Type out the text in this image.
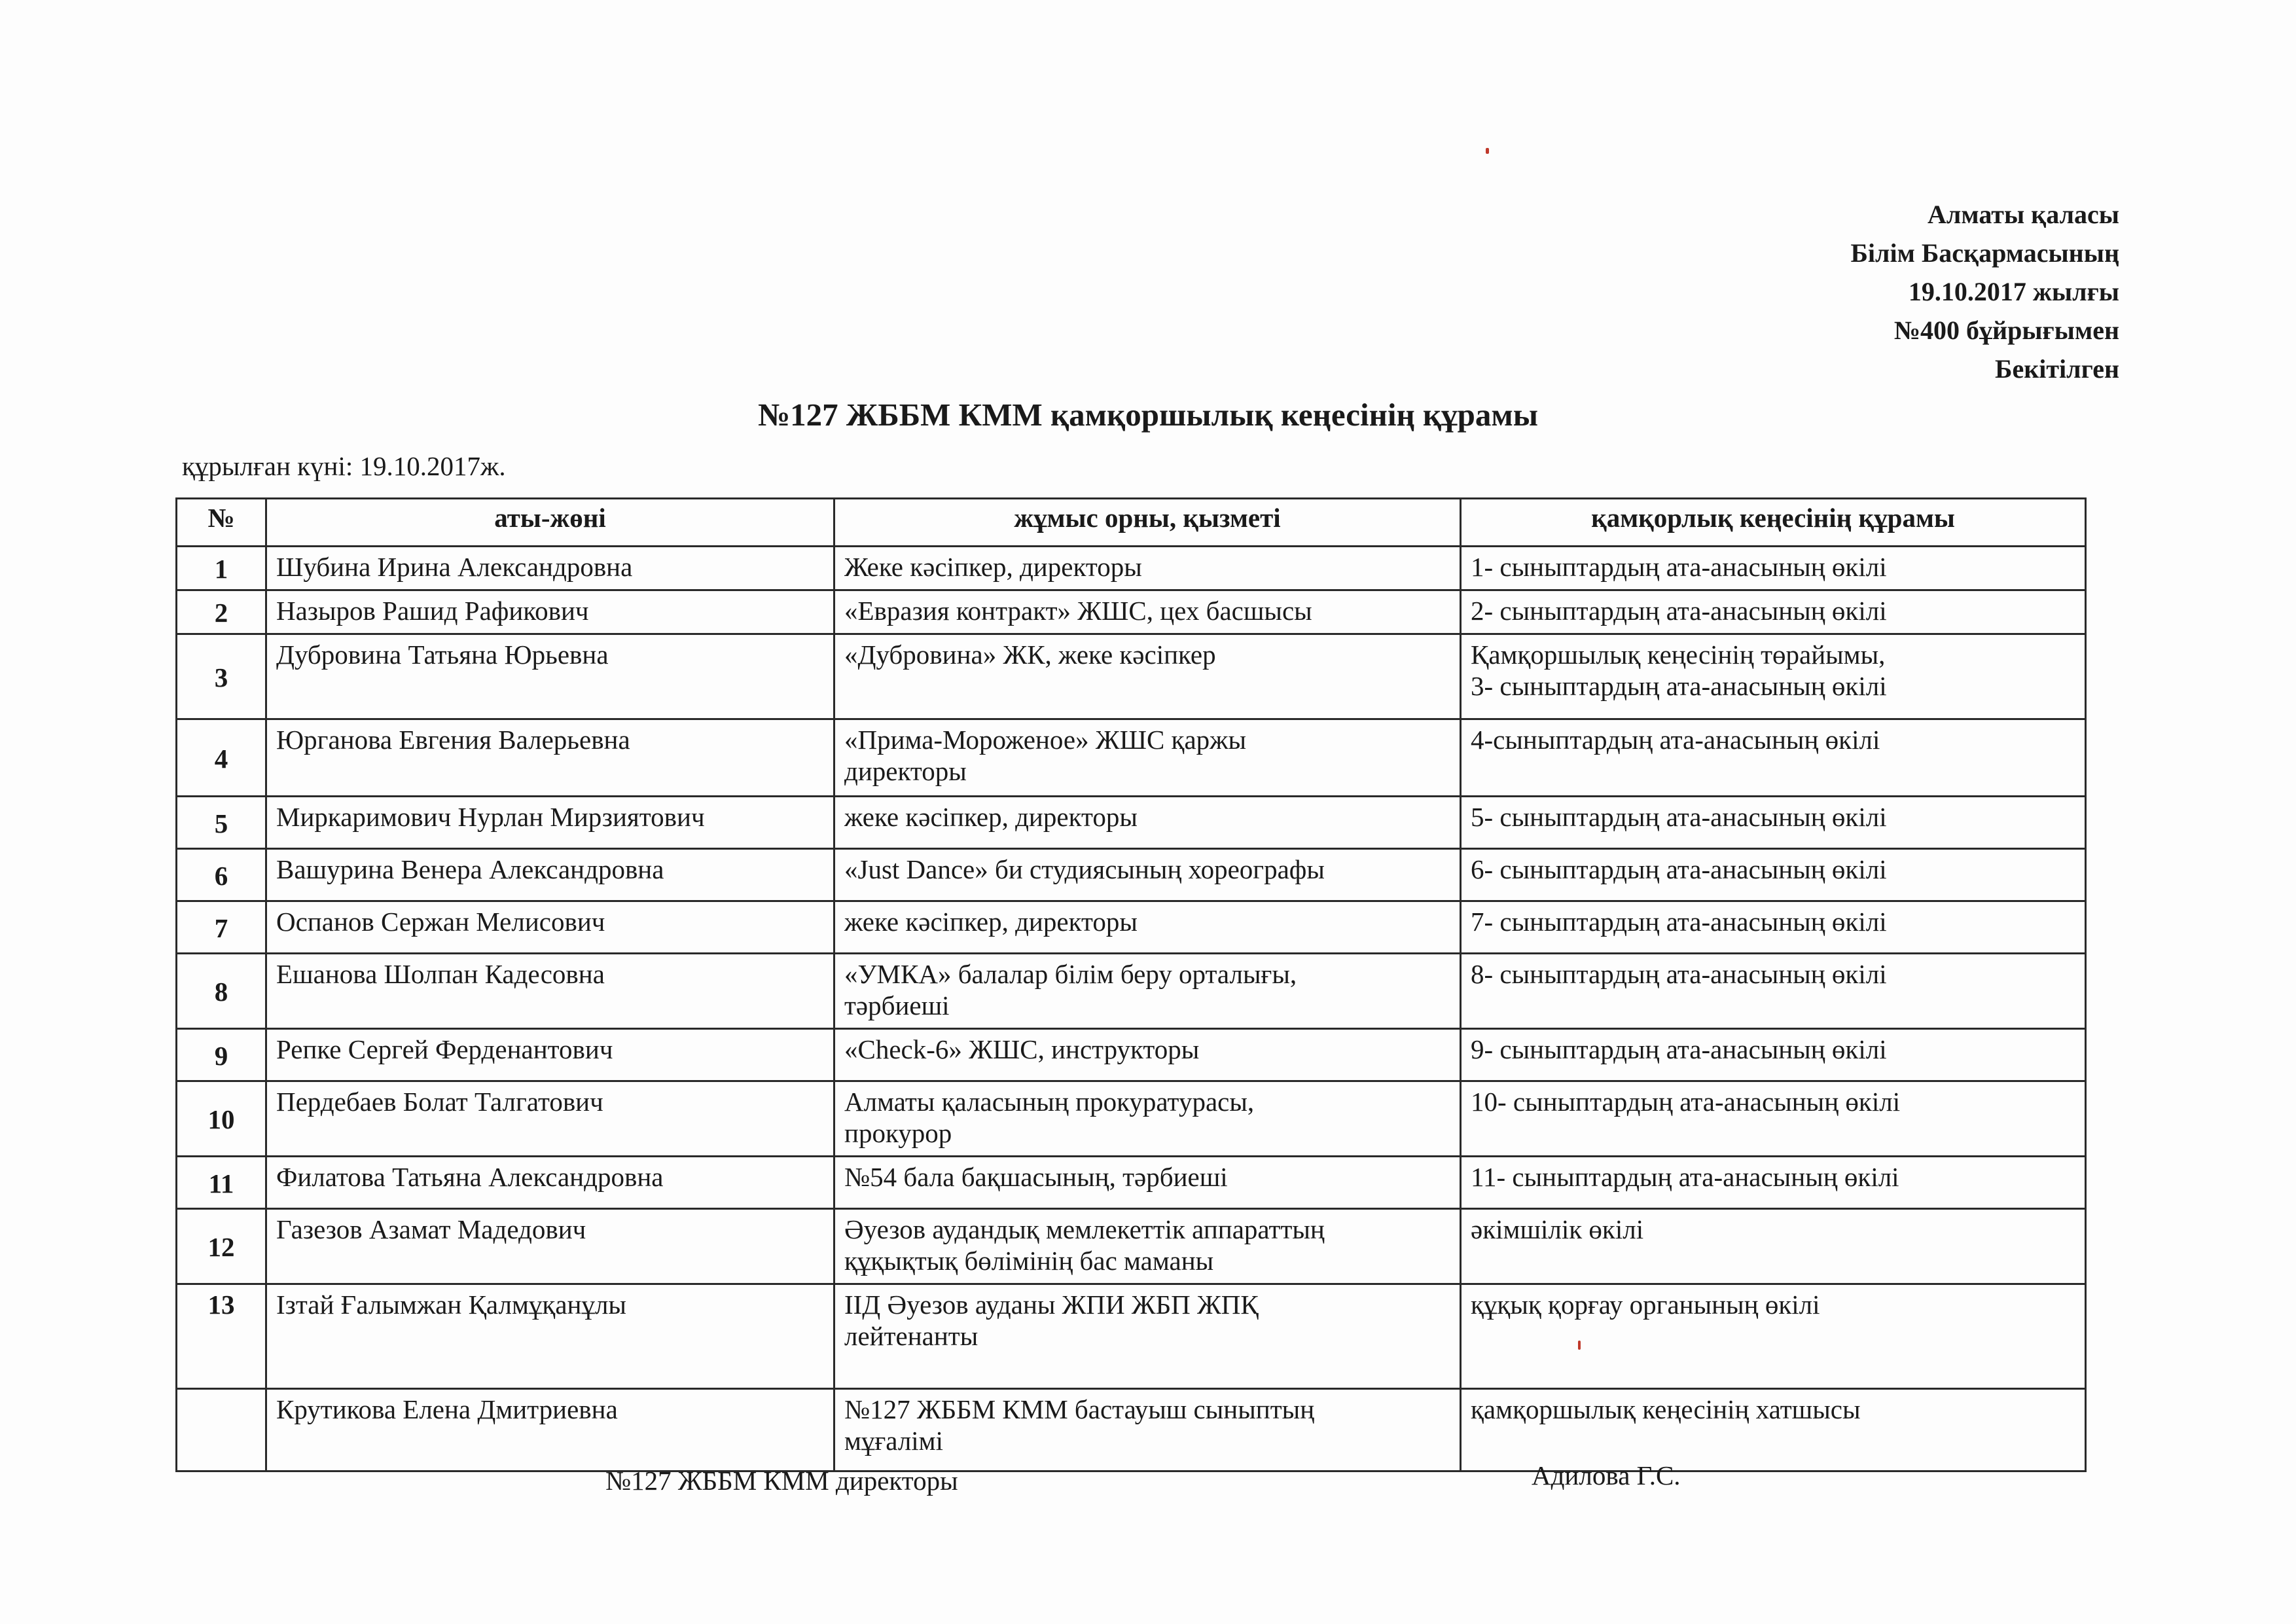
Алматы қаласы
Білім Басқармасының
19.10.2017 жылғы
№400 бұйрығымен
Бекітілген
№127 ЖББМ КММ қамқоршылық кеңесінің құрамы
құрылған күні: 19.10.2017ж.
№	аты-жөні	жұмыс орны, қызметі	қамқорлық кеңесінің құрамы
1	Шубина Ирина Александровна	Жеке кәсіпкер, директоры	1- сыныптардың ата-анасының өкілі

2	Назыров Рашид Рафикович	«Евразия контракт» ЖШС, цех басшысы	2- сыныптардың ата-анасының өкілі

3	Дубровина Татьяна Юрьевна	«Дубровина» ЖК, жеке кәсіпкер	Қамқоршылық кеңесінің төрайымы,
3- сыныптардың ата-анасының өкілі

4	Юрганова Евгения Валерьевна	«Прима-Мороженое» ЖШС қаржы
директоры	4-сыныптардың ата-анасының өкілі

5	Миркаримович Нурлан Мирзиятович	жеке кәсіпкер, директоры	5- сыныптардың ата-анасының өкілі

6	Вашурина Венера Александровна	«Just Dance» би студиясының хореографы	6- сыныптардың ата-анасының өкілі

7	Оспанов Сержан Мелисович	жеке кәсіпкер, директоры	7- сыныптардың ата-анасының өкілі

8	Ешанова Шолпан Кадесовна	«УМКА» балалар білім беру орталығы,
тәрбиеші	8- сыныптардың ата-анасының өкілі

9	Репке Сергей Ферденантович	«Check-6» ЖШС, инструкторы	9- сыныптардың ата-анасының өкілі

10	Пердебаев Болат Талгатович	Алматы қаласының прокуратурасы,
прокурор	10- сыныптардың ата-анасының өкілі

11	Филатова Татьяна Александровна	№54 бала бақшасының, тәрбиеші	11- сыныптардың ата-анасының өкілі

12	Газезов Азамат Мадедович	Әуезов аудандық мемлекеттік аппараттың
құқықтық бөлімінің бас маманы	әкімшілік өкілі

13	Ізтай Ғалымжан Қалмұқанұлы	ІІД Әуезов ауданы ЖПИ ЖБП ЖПҚ
лейтенанты	құқық қорғау органының өкілі

	Крутикова Елена Дмитриевна	№127 ЖББМ КММ бастауыш сыныптың
мұғалімі	қамқоршылық кеңесінің хатшысы
№127 ЖББМ КММ директоры	Адилова Г.С.
